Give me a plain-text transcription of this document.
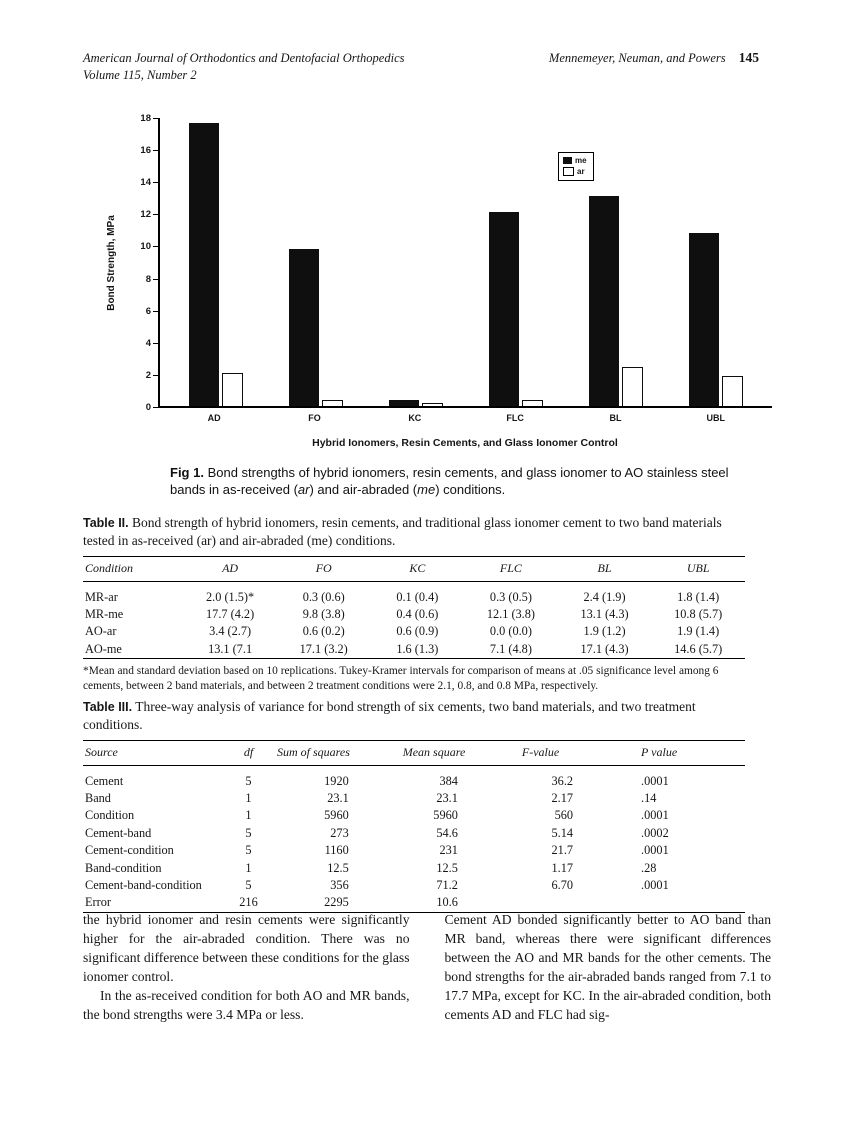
American Journal of Orthodontics and Dentofacial Orthopedics
Volume 115, Number 2
Mennemeyer, Neuman, and Powers 145
Bond Strength, MPa
18
16
14
12
10
8
6
4
2
0
me
ar
AD	FO	KC	FLC	BL	UBL
Hybrid Ionomers, Resin Cements, and Glass Ionomer Control
Fig 1. Bond strengths of hybrid ionomers, resin cements, and glass ionomer to AO stainless steel bands in as-received (ar) and air-abraded (me) conditions.

Table II. Bond strength of hybrid ionomers, resin cements, and traditional glass ionomer cement to two band materials tested in as-received (ar) and air-abraded (me) conditions.

Condition	AD	FO	KC	FLC	BL	UBL
MR-ar	2.0 (1.5)*	0.3 (0.6)	0.1 (0.4)	0.3 (0.5)	2.4 (1.9)	1.8 (1.4)
MR-me	17.7 (4.2)	9.8 (3.8)	0.4 (0.6)	12.1 (3.8)	13.1 (4.3)	10.8 (5.7)
AO-ar	3.4 (2.7)	0.6 (0.2)	0.6 (0.9)	0.0 (0.0)	1.9 (1.2)	1.9 (1.4)
AO-me	13.1 (7.1	17.1 (3.2)	1.6 (1.3)	7.1 (4.8)	17.1 (4.3)	14.6 (5.7)

*Mean and standard deviation based on 10 replications. Tukey-Kramer intervals for comparison of means at .05 significance level among 6 cements, between 2 band materials, and between 2 treatment conditions were 2.1, 0.8, and 0.8 MPa, respectively.

Table III. Three-way analysis of variance for bond strength of six cements, two band materials, and two treatment conditions.

Source	df	Sum of squares	Mean square	F-value	P value
Cement	5	1920	384	36.2	.0001
Band	1	23.1	23.1	2.17	.14
Condition	1	5960	5960	560	.0001
Cement-band	5	273	54.6	5.14	.0002
Cement-condition	5	1160	231	21.7	.0001
Band-condition	1	12.5	12.5	1.17	.28
Cement-band-condition	5	356	71.2	6.70	.0001
Error	216	2295	10.6		

the hybrid ionomer and resin cements were significantly higher for the air-abraded condition. There was no significant difference between these conditions for the glass ionomer control.

In the as-received condition for both AO and MR bands, the bond strengths were 3.4 MPa or less.

Cement AD bonded significantly better to AO band than MR band, whereas there were significant differences between the AO and MR bands for the other cements. The bond strengths for the air-abraded bands ranged from 7.1 to 17.7 MPa, except for KC. In the air-abraded condition, both cements AD and FLC had sig-
